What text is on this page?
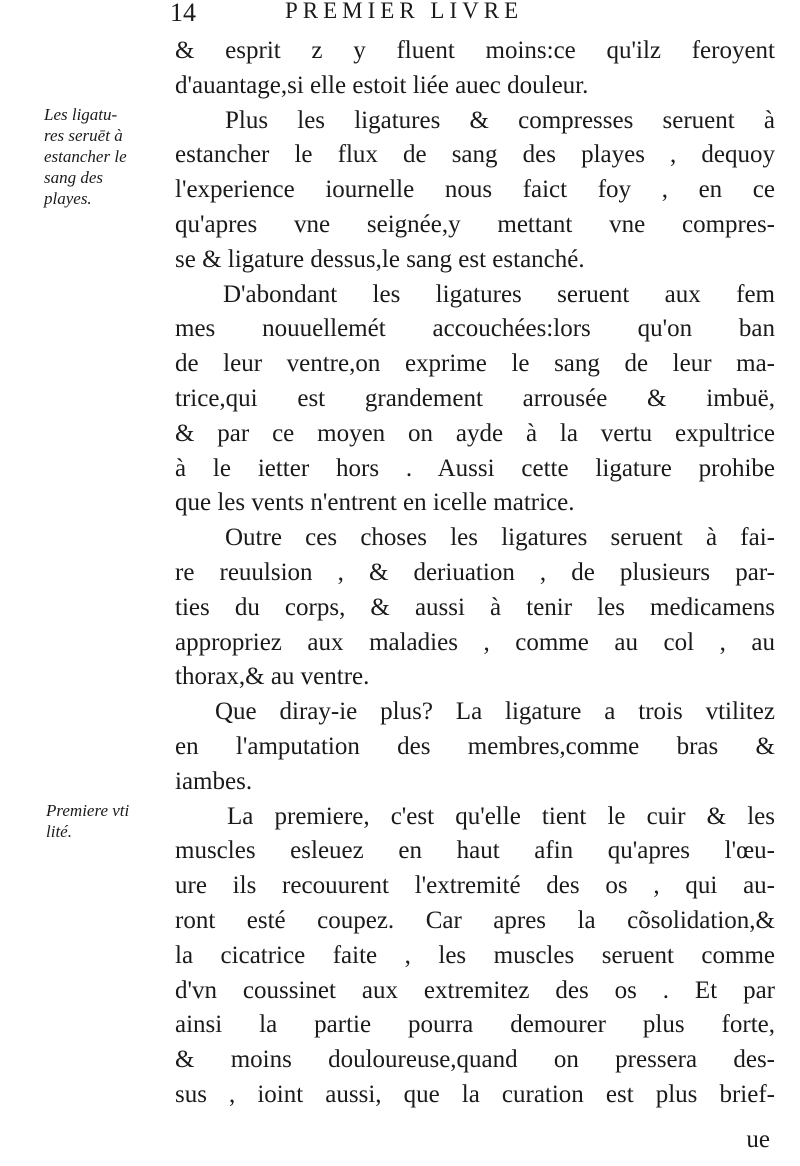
14	PREMIER LIVRE
Les ligatu-
res seruēt à
estancher le
sang des
playes.
Premiere vti
lité.
& esprit z y fluent moins:ce qu'ilz feroyent
d'auantage,si elle estoit liée auec douleur.
Plus les ligatures & compresses seruent à
estancher le flux de sang des playes , dequoy
l'experience iournelle nous faict foy , en ce
qu'apres vne seignée,y mettant vne compres-
se & ligature dessus,le sang est estanché.
D'abondant les ligatures seruent aux fem
mes nouuellemét accouchées:lors qu'on ban
de leur ventre,on exprime le sang de leur ma-
trice,qui est grandement arrousée & imbuë,
& par ce moyen on ayde à la vertu expultrice
à le ietter hors . Aussi cette ligature prohibe
que les vents n'entrent en icelle matrice.
Outre ces choses les ligatures seruent à fai-
re reuulsion , & deriuation , de plusieurs par-
ties du corps, & aussi à tenir les medicamens
appropriez aux maladies , comme au col , au
thorax,& au ventre.
Que diray-ie plus? La ligature a trois vtilitez
en l'amputation des membres,comme bras &
iambes.
La premiere, c'est qu'elle tient le cuir & les
muscles esleuez en haut afin qu'apres l'œu-
ure ils recouurent l'extremité des os , qui au-
ront esté coupez. Car apres la cõsolidation,&
la cicatrice faite , les muscles seruent comme
d'vn coussinet aux extremitez des os . Et par
ainsi la partie pourra demourer plus forte,
& moins douloureuse,quand on pressera des-
sus , ioint aussi, que la curation est plus brief-
ue
